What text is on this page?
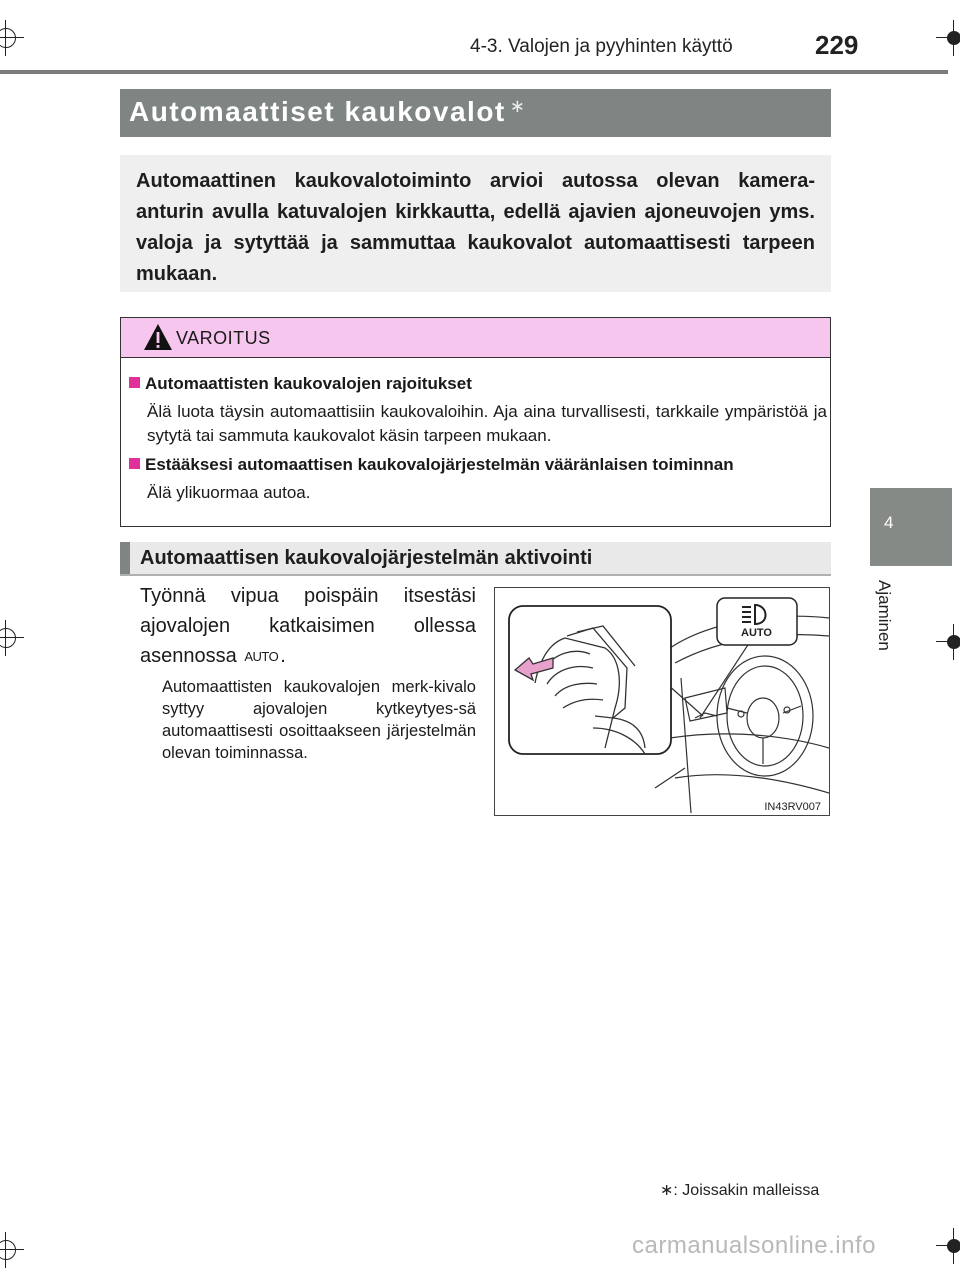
4-3. Valojen ja pyyhinten käyttö	229
4
Ajaminen
Automaattiset kaukovalot ∗

Automaattinen kaukovalotoiminto arvioi autossa olevan kamera-anturin avulla katuvalojen kirkkautta, edellä ajavien ajoneuvojen yms. valoja ja sytyttää ja sammuttaa kaukovalot automaattisesti tarpeen mukaan.

VAROITUS
Automaattisten kaukovalojen rajoitukset
Älä luota täysin automaattisiin kaukovaloihin. Aja aina turvallisesti, tarkkaile ympäristöä ja sytytä tai sammuta kaukovalot käsin tarpeen mukaan.
Estääksesi automaattisen kaukovalojärjestelmän vääränlaisen toiminnan
Älä ylikuormaa autoa.
Automaattisen kaukovalojärjestelmän aktivointi
Työnnä vipua poispäin itsestäsi
ajovalojen katkaisimen ollessa
asennossa AUTO .
Automaattisten kaukovalojen merk-kivalo syttyy ajovalojen kytkeytyes-sä automaattisesti osoittaakseen järjestelmän olevan toiminnassa.
AUTO
IN43RV007
∗: Joissakin malleissa
carmanualsonline.info
